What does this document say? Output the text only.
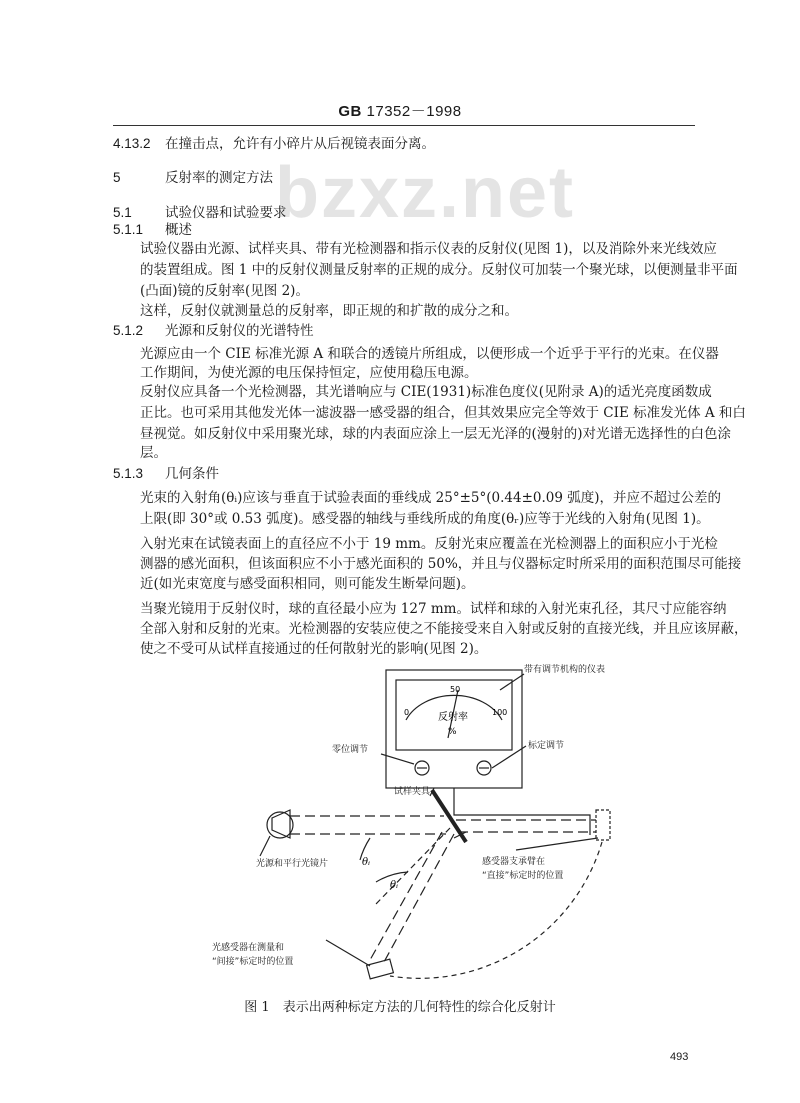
GB 17352－1998
bzxz.net
4.13.2 在撞击点，允许有小碎片从后视镜表面分离。
5	反射率的测定方法
5.1 试验仪器和试验要求
5.1.1 概述
试验仪器由光源、试样夹具、带有光检测器和指示仪表的反射仪(见图 1)，以及消除外来光线效应
的装置组成。图 1 中的反射仪测量反射率的正规的成分。反射仪可加装一个聚光球，以便测量非平面
(凸面)镜的反射率(见图 2)。
这样，反射仪就测量总的反射率，即正规的和扩散的成分之和。
5.1.2 光源和反射仪的光谱特性
光源应由一个 CIE 标准光源 A 和联合的透镜片所组成，以便形成一个近乎于平行的光束。在仪器
工作期间，为使光源的电压保持恒定，应使用稳压电源。
反射仪应具备一个光检测器，其光谱响应与 CIE(1931)标准色度仪(见附录 A)的适光亮度函数成
正比。也可采用其他发光体一滤波器一感受器的组合，但其效果应完全等效于 CIE 标准发光体 A 和白
昼视觉。如反射仪中采用聚光球，球的内表面应涂上一层无光泽的(漫射的)对光谱无选择性的白色涂
层。
5.1.3 几何条件
光束的入射角(θᵢ)应该与垂直于试验表面的垂线成 25°±5°(0.44±0.09 弧度)，并应不超过公差的
上限(即 30°或 0.53 弧度)。感受器的轴线与垂线所成的角度(θᵣ)应等于光线的入射角(见图 1)。
入射光束在试镜表面上的直径应不小于 19 mm。反射光束应覆盖在光检测器上的面积应小于光检
测器的感光面积，但该面积应不小于感光面积的 50%，并且与仪器标定时所采用的面积范围尽可能接
近(如光束宽度与感受面积相同，则可能发生断晕问题)。
当聚光镜用于反射仪时，球的直径最小应为 127 mm。试样和球的入射光束孔径，其尺寸应能容纳
全部入射和反射的光束。光检测器的安装应使之不能接受来自入射或反射的直接光线，并且应该屏蔽，
使之不受可从试样直接通过的任何散射光的影响(见图 2)。
0
50
100
反射率
%
θᵢ
θᵢ
带有调节机构的仪表
零位调节	标定调节
试样夹具
光源和平行光镜片	感受器支承臂在
“直接”标定时的位置
光感受器在测量和
“间接”标定时的位置
图 1　表示出两种标定方法的几何特性的综合化反射计
493
